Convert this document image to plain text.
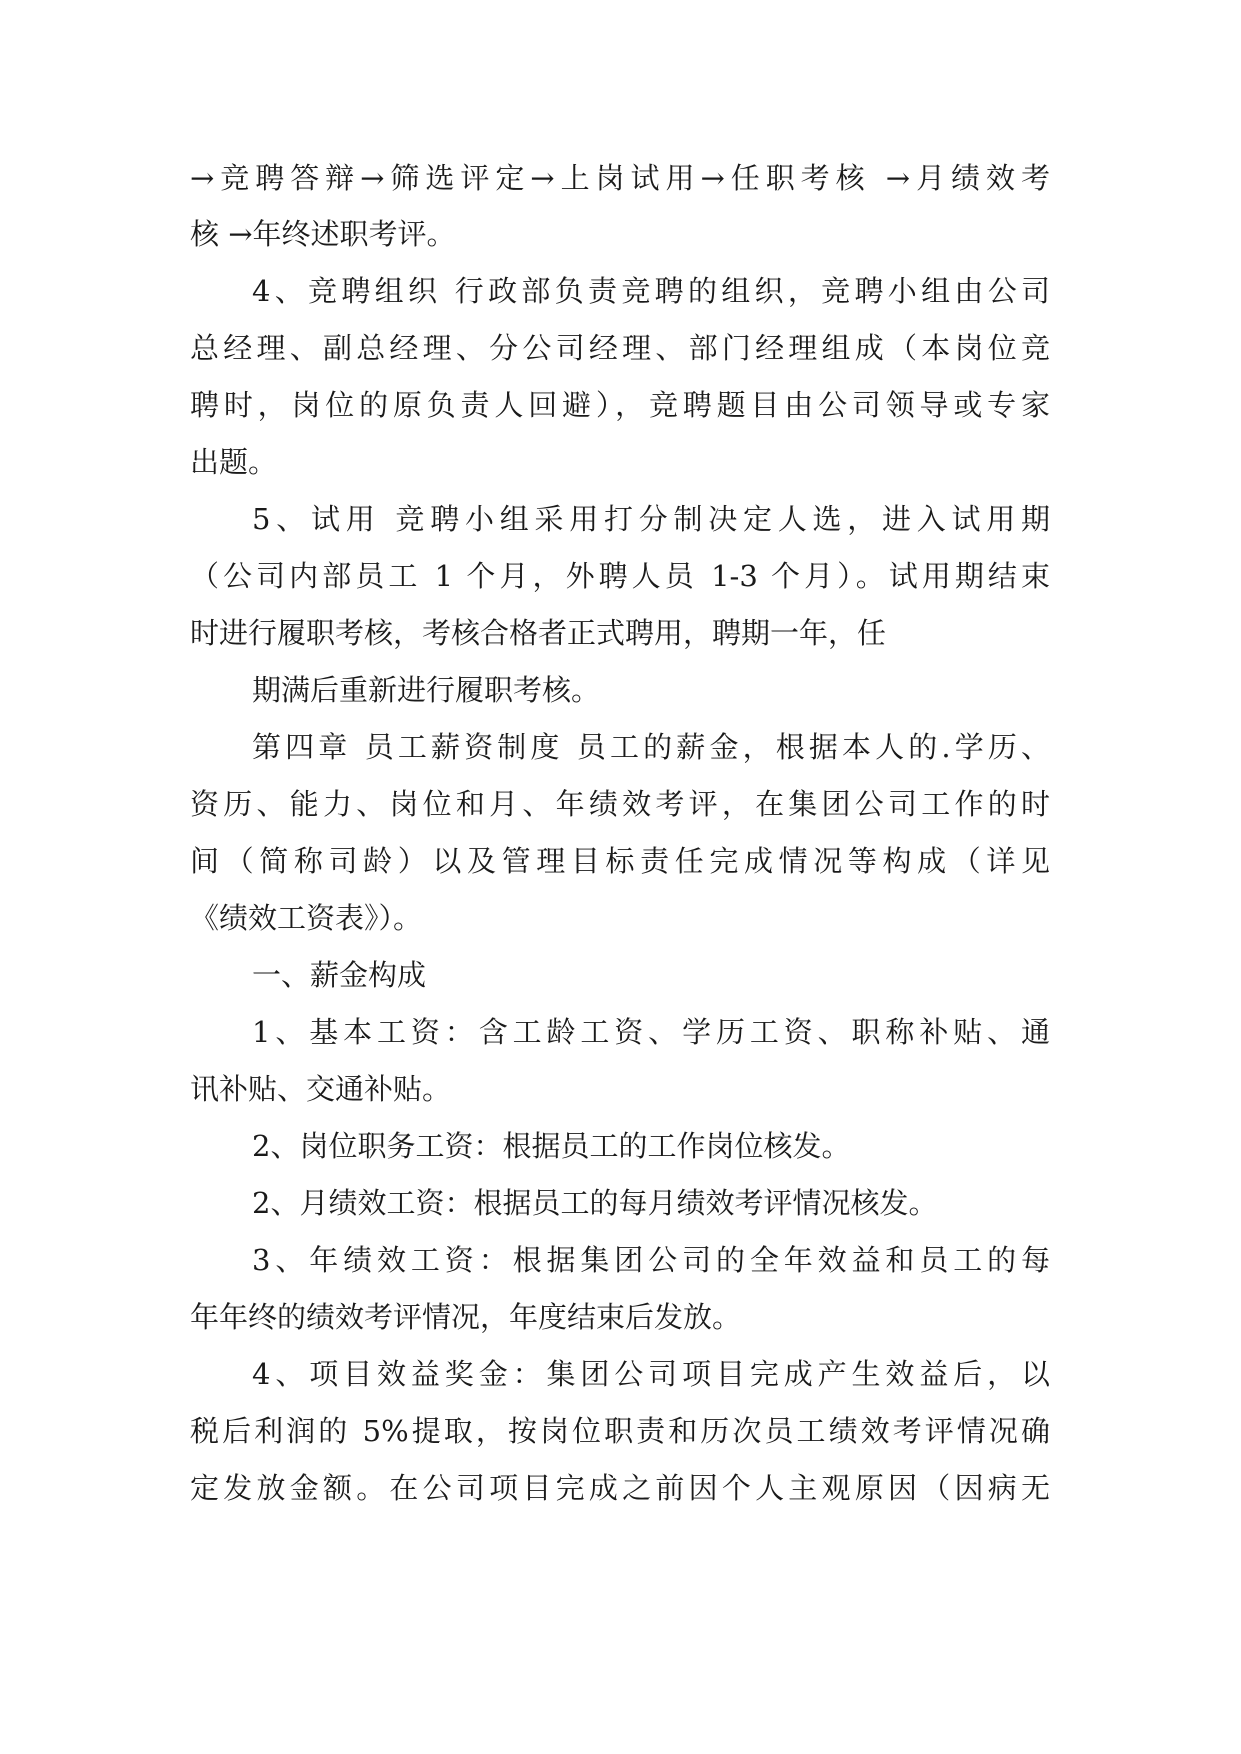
→竞聘答辩→筛选评定→上岗试用→任职考核 →月绩效考
核 →年终述职考评。
4、竞聘组织 行政部负责竞聘的组织，竞聘小组由公司
总经理、副总经理、分公司经理、部门经理组成（本岗位竞
聘时，岗位的原负责人回避），竞聘题目由公司领导或专家
出题。
5、试用 竞聘小组采用打分制决定人选，进入试用期
（公司内部员工 1 个月，外聘人员 1-3 个月）。试用期结束
时进行履职考核，考核合格者正式聘用，聘期一年，任
期满后重新进行履职考核。
第四章 员工薪资制度 员工的薪金，根据本人的.学历、
资历、能力、岗位和月、年绩效考评，在集团公司工作的时
间（简称司龄）以及管理目标责任完成情况等构成（详见
《绩效工资表》）。
一、薪金构成
1、基本工资：含工龄工资、学历工资、职称补贴、通
讯补贴、交通补贴。
2、岗位职务工资：根据员工的工作岗位核发。
2、月绩效工资：根据员工的每月绩效考评情况核发。
3、年绩效工资：根据集团公司的全年效益和员工的每
年年终的绩效考评情况，年度结束后发放。
4、项目效益奖金：集团公司项目完成产生效益后，以
税后利润的 5%提取，按岗位职责和历次员工绩效考评情况确
定发放金额。在公司项目完成之前因个人主观原因（因病无
